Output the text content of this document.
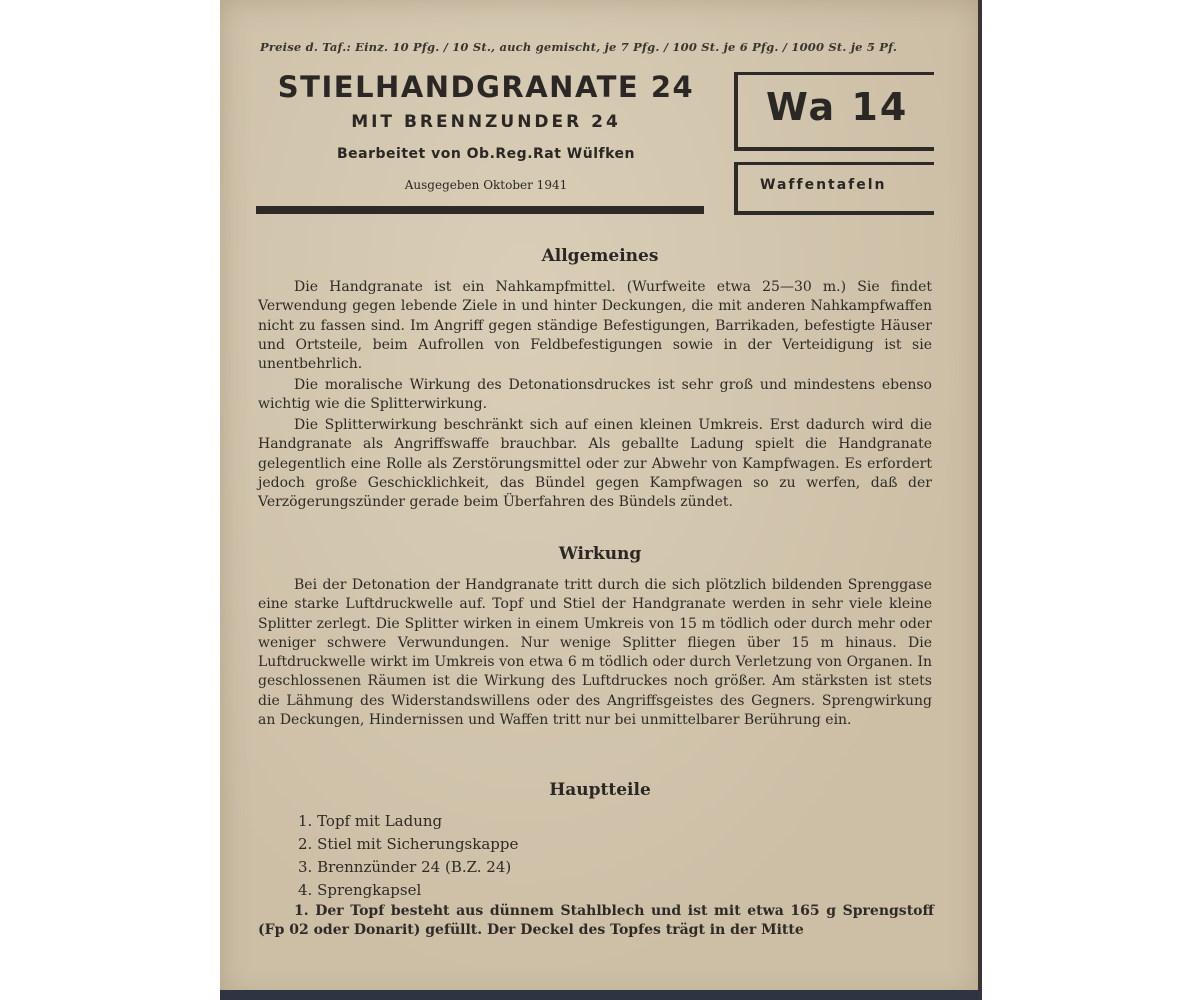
Preise d. Taf.: Einz. 10 Pfg. / 10 St., auch gemischt, je 7 Pfg. / 100 St. je 6 Pfg. / 1000 St. je 5 Pf.
STIELHANDGRANATE 24
MIT BRENNZUNDER 24
Bearbeitet von Ob.Reg.Rat Wülfken
Ausgegeben Oktober 1941
Wa 14
Waffentafeln
Allgemeines

Die Handgranate ist ein Nahkampfmittel. (Wurfweite etwa 25—30 m.) Sie findet Verwendung gegen lebende Ziele in und hinter Deckungen, die mit anderen Nahkampfwaffen nicht zu fassen sind. Im Angriff gegen ständige Befestigungen, Barrikaden, befestigte Häuser und Ortsteile, beim Aufrollen von Feldbefestigungen sowie in der Verteidigung ist sie unentbehrlich.

Die moralische Wirkung des Detonationsdruckes ist sehr groß und mindestens ebenso wichtig wie die Splitterwirkung.

Die Splitterwirkung beschränkt sich auf einen kleinen Umkreis. Erst dadurch wird die Handgranate als Angriffswaffe brauchbar. Als geballte Ladung spielt die Handgranate gelegentlich eine Rolle als Zerstörungsmittel oder zur Abwehr von Kampfwagen. Es erfordert jedoch große Geschicklichkeit, das Bündel gegen Kampfwagen so zu werfen, daß der Verzögerungszünder gerade beim Überfahren des Bündels zündet.

Wirkung

Bei der Detonation der Handgranate tritt durch die sich plötzlich bildenden Sprenggase eine starke Luftdruckwelle auf. Topf und Stiel der Handgranate werden in sehr viele kleine Splitter zerlegt. Die Splitter wirken in einem Umkreis von 15 m tödlich oder durch mehr oder weniger schwere Verwundungen. Nur wenige Splitter fliegen über 15 m hinaus. Die Luftdruckwelle wirkt im Umkreis von etwa 6 m tödlich oder durch Verletzung von Organen. In geschlossenen Räumen ist die Wirkung des Luftdruckes noch größer. Am stärksten ist stets die Lähmung des Widerstandswillens oder des Angriffsgeistes des Gegners. Sprengwirkung an Deckungen, Hindernissen und Waffen tritt nur bei unmittelbarer Berührung ein.

Hauptteile
1. Topf mit Ladung
2. Stiel mit Sicherungskappe
3. Brennzünder 24 (B.Z. 24)
4. Sprengkapsel

1. Der Topf besteht aus dünnem Stahlblech und ist mit etwa 165 g Sprengstoff (Fp 02 oder Donarit) gefüllt. Der Deckel des Topfes trägt in der Mitte
